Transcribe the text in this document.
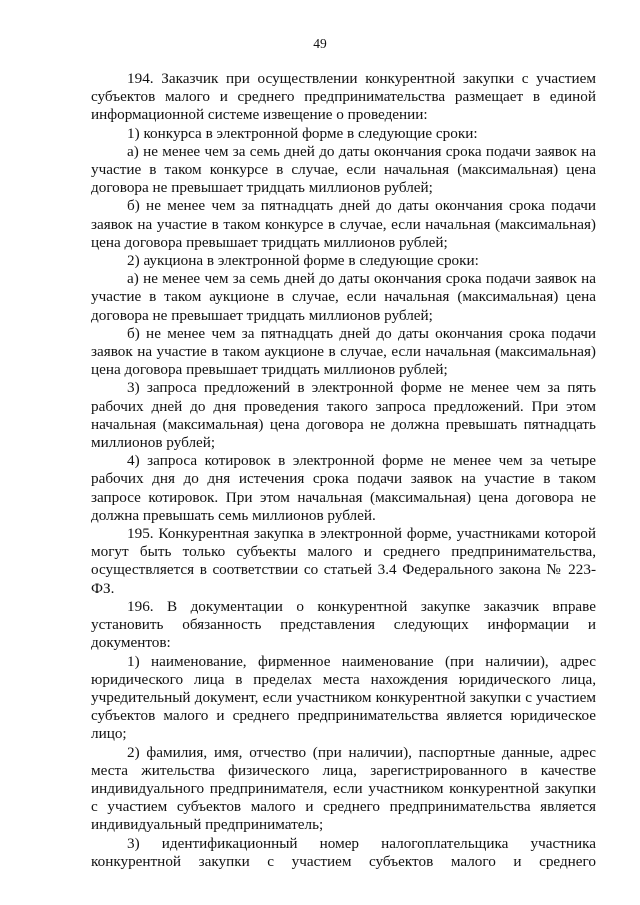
49

194. Заказчик при осуществлении конкурентной закупки с участием субъектов малого и среднего предпринимательства размещает в единой информационной системе извещение о проведении:

1) конкурса в электронной форме в следующие сроки:

а) не менее чем за семь дней до даты окончания срока подачи заявок на участие в таком конкурсе в случае, если начальная (максимальная) цена договора не превышает тридцать миллионов рублей;

б) не менее чем за пятнадцать дней до даты окончания срока подачи заявок на участие в таком конкурсе в случае, если начальная (максимальная) цена договора превышает тридцать миллионов рублей;

2) аукциона в электронной форме в следующие сроки:

а) не менее чем за семь дней до даты окончания срока подачи заявок на участие в таком аукционе в случае, если начальная (максимальная) цена договора не превышает тридцать миллионов рублей;

б) не менее чем за пятнадцать дней до даты окончания срока подачи заявок на участие в таком аукционе в случае, если начальная (максимальная) цена договора превышает тридцать миллионов рублей;

3) запроса предложений в электронной форме не менее чем за пять рабочих дней до дня проведения такого запроса предложений. При этом начальная (максимальная) цена договора не должна превышать пятнадцать миллионов рублей;

4) запроса котировок в электронной форме не менее чем за четыре рабочих дня до дня истечения срока подачи заявок на участие в таком запросе котировок. При этом начальная (максимальная) цена договора не должна превышать семь миллионов рублей.

195. Конкурентная закупка в электронной форме, участниками которой могут быть только субъекты малого и среднего предпринимательства, осуществляется в соответствии со статьей 3.4 Федерального закона № 223-ФЗ.

196. В документации о конкурентной закупке заказчик вправе установить обязанность представления следующих информации и документов:

1) наименование, фирменное наименование (при наличии), адрес юридического лица в пределах места нахождения юридического лица, учредительный документ, если участником конкурентной закупки с участием субъектов малого и среднего предпринимательства является юридическое лицо;

2) фамилия, имя, отчество (при наличии), паспортные данные, адрес места жительства физического лица, зарегистрированного в качестве индивидуального предпринимателя, если участником конкурентной закупки с участием субъектов малого и среднего предпринимательства является индивидуальный предприниматель;

3) идентификационный номер налогоплательщика участника конкурентной закупки с участием субъектов малого и среднего
